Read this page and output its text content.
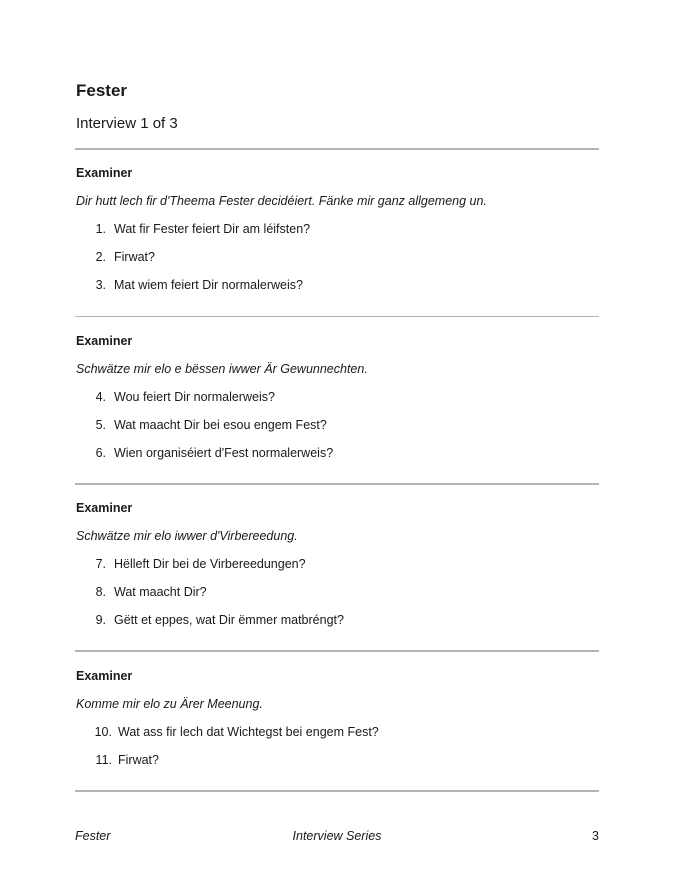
Fester
Interview 1 of 3

Examiner

Dir hutt lech fir d'Theema Fester decidéiert. Fänke mir ganz allgemeng un.

1. Wat fir Fester feiert Dir am léifsten?
2. Firwat?
3. Mat wiem feiert Dir normalerweis?

Examiner

Schwätze mir elo e bëssen iwwer Är Gewunnechten.

4. Wou feiert Dir normalerweis?
5. Wat maacht Dir bei esou engem Fest?
6. Wien organiséiert d'Fest normalerweis?

Examiner

Schwätze mir elo iwwer d'Virbereedung.

7. Hëlleft Dir bei de Virbereedungen?
8. Wat maacht Dir?
9. Gëtt et eppes, wat Dir ëmmer matbréngt?

Examiner

Komme mir elo zu Ärer Meenung.

10. Wat ass fir lech dat Wichtegst bei engem Fest?
11. Firwat?
Fester	Interview Series	3
